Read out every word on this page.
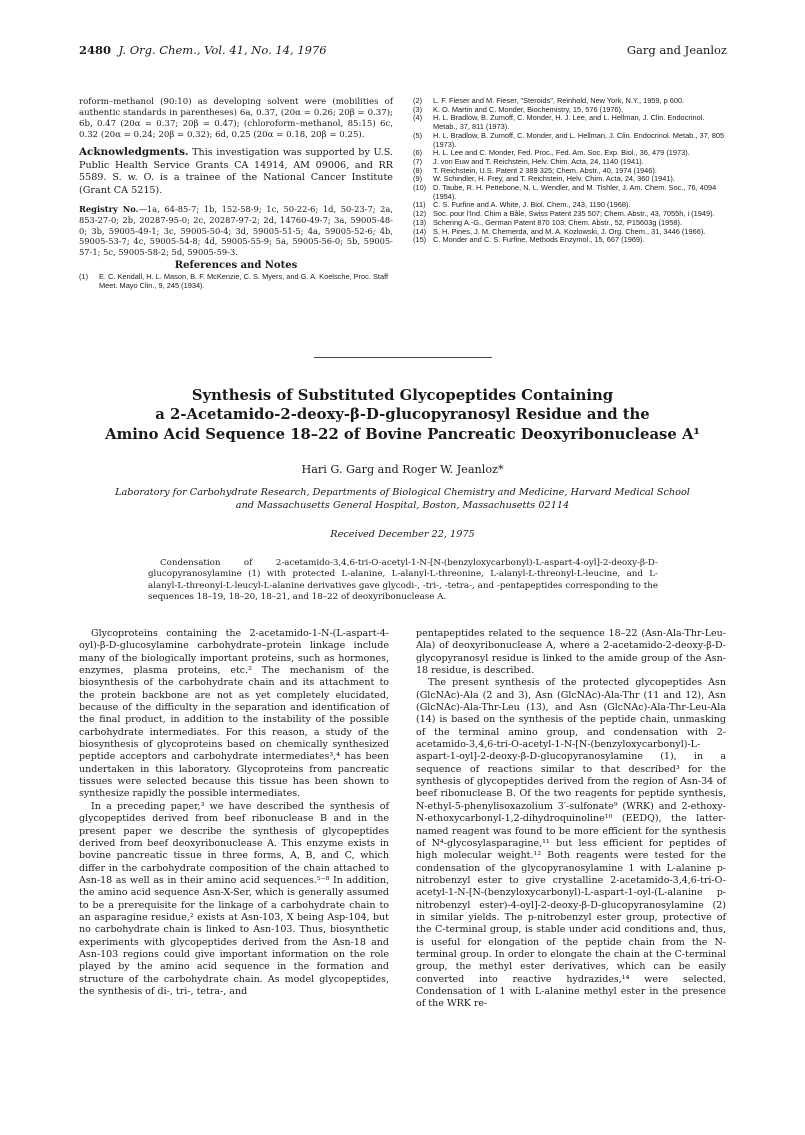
2480 J. Org. Chem., Vol. 41, No. 14, 1976	Garg and Jeanloz
roform–methanol (90:10) as developing solvent were (mobilities of authentic standards in parentheses) 6a, 0.37, (20α = 0.26; 20β = 0.37); 6b, 0.47 (20α = 0.37; 20β = 0.47); (chloroform–methanol, 85:15) 6c, 0.32 (20α = 0.24; 20β = 0.32); 6d, 0.25 (20α = 0.18, 20β = 0.25).
Acknowledgments. This investigation was supported by U.S. Public Health Service Grants CA 14914, AM 09006, and RR 5589. S. w. O. is a trainee of the National Cancer Institute (Grant CA 5215).
Registry No.—1a, 64-85-7; 1b, 152-58-9; 1c, 50-22-6; 1d, 50-23-7; 2a, 853-27-0; 2b, 20287-95-0; 2c, 20287-97-2; 2d, 14760-49-7; 3a, 59005-48-0; 3b, 59005-49-1; 3c, 59005-50-4; 3d, 59005-51-5; 4a, 59005-52-6; 4b, 59005-53-7; 4c, 59005-54-8; 4d, 59005-55-9; 5a, 59005-56-0; 5b, 59005-57-1; 5c, 59005-58-2; 5d, 59005-59-3.
References and Notes
(1)	E. C. Kendall, H. L. Mason, B. F. McKenzie, C. S. Myers, and G. A. Koelsche, Proc. Staff Meet. Mayo Clin., 9, 245 (1934).
(2)	L. F. Fieser and M. Fieser, "Steroids", Reinhold, New York, N.Y., 1959, p 600.
(3)	K. O. Martin and C. Monder, Biochemistry, 15, 576 (1976).
(4)	H. L. Bradlow, B. Zumoff, C. Monder, H. J. Lee, and L. Hellman, J. Clin. Endocrinol. Metab., 37, 811 (1973).
(5)	H. L. Bradlow, B. Zumoff, C. Monder, and L. Hellman, J. Clin. Endocrinol. Metab., 37, 805 (1973).
(6)	H. L. Lee and C. Monder, Fed. Proc., Fed. Am. Soc. Exp. Biol., 36, 479 (1973).
(7)	J. von Euw and T. Reichstein, Helv. Chim. Acta, 24, 1140 (1941).
(8)	T. Reichstein, U.S. Patent 2 389 325; Chem. Abstr., 40, 1974 (1946).
(9)	W. Schindler, H. Frey, and T. Reichstein, Helv. Chim. Acta, 24, 360 (1941).
(10) D. Taube, R. H. Pettebone, N. L. Wendler, and M. Tishler, J. Am. Chem. Soc., 76, 4094 (1954).
(11)	C. S. Furfine and A. White, J. Biol. Chem., 243, 1190 (1968).
(12) Soc. pour l'Ind. Chim a Bâle, Swiss Patent 235 507; Chem. Abstr., 43, 7055h, i (1949).
(13) Schering A.-G., German Patent 870 103; Chem. Abstr., 52, P15603g (1958).
(14) S. H. Pines, J. M. Chemerda, and M. A. Kozlowski, J. Org. Chem., 31, 3446 (1966).
(15) C. Monder and C. S. Furfine, Methods Enzymol., 15, 667 (1969).
Synthesis of Substituted Glycopeptides Containing
a 2-Acetamido-2-deoxy-β-D-glucopyranosyl Residue and the
Amino Acid Sequence 18–22 of Bovine Pancreatic Deoxyribonuclease A¹
Hari G. Garg and Roger W. Jeanloz*
Laboratory for Carbohydrate Research, Departments of Biological Chemistry and Medicine, Harvard Medical School
and Massachusetts General Hospital, Boston, Massachusetts 02114
Received December 22, 1975
Condensation of 2-acetamido-3,4,6-tri-O-acetyl-1-N-[N-(benzyloxycarbonyl)-L-aspart-4-oyl]-2-deoxy-β-D-glucopyranosylamine (1) with protected L-alanine, L-alanyl-L-threonine, L-alanyl-L-threonyl-L-leucine, and L-alanyl-L-threonyl-L-leucyl-L-alanine derivatives gave glycodi-, -tri-, -tetra-, and -pentapeptides corresponding to the sequences 18–19, 18–20, 18–21, and 18–22 of deoxyribonuclease A.

Glycoproteins containing the 2-acetamido-1-N-(L-aspart-4-oyl)-β-D-glucosylamine carbohydrate–protein linkage include many of the biologically important proteins, such as hormones, enzymes, plasma proteins, etc.² The mechanism of the biosynthesis of the carbohydrate chain and its attachment to the protein backbone are not as yet completely elucidated, because of the difficulty in the separation and identification of the final product, in addition to the instability of the possible carbohydrate intermediates. For this reason, a study of the biosynthesis of glycoproteins based on chemically synthesized peptide acceptors and carbohydrate intermediates³,⁴ has been undertaken in this laboratory. Glycoproteins from pancreatic tissues were selected because this tissue has been shown to synthesize rapidly the possible intermediates.

In a preceding paper,³ we have described the synthesis of glycopeptides derived from beef ribonuclease B and in the present paper we describe the synthesis of glycopeptides derived from beef deoxyribonuclease A. This enzyme exists in bovine pancreatic tissue in three forms, A, B, and C, which differ in the carbohydrate composition of the chain attached to Asn-18 as well as in their amino acid sequences.⁵⁻⁸ In addition, the amino acid sequence Asn-X-Ser, which is generally assumed to be a prerequisite for the linkage of a carbohydrate chain to an asparagine residue,² exists at Asn-103, X being Asp-104, but no carbohydrate chain is linked to Asn-103. Thus, biosynthetic experiments with glycopeptides derived from the Asn-18 and Asn-103 regions could give important information on the role played by the amino acid sequence in the formation and structure of the carbohydrate chain. As model glycopeptides, the synthesis of di-, tri-, tetra-, and

pentapeptides related to the sequence 18–22 (Asn-Ala-Thr-Leu-Ala) of deoxyribonuclease A, where a 2-acetamido-2-deoxy-β-D-glycopyranosyl residue is linked to the amide group of the Asn-18 residue, is described.

The present synthesis of the protected glycopeptides Asn (GlcNAc)-Ala (2 and 3), Asn (GlcNAc)-Ala-Thr (11 and 12), Asn (GlcNAc)-Ala-Thr-Leu (13), and Asn (GlcNAc)-Ala-Thr-Leu-Ala (14) is based on the synthesis of the peptide chain, unmasking of the terminal amino group, and condensation with 2-acetamido-3,4,6-tri-O-acetyl-1-N-[N-(benzyloxycarbonyl)-L-aspart-1-oyl]-2-deoxy-β-D-glucopyranosylamine (1), in a sequence of reactions similar to that described³ for the synthesis of glycopeptides derived from the region of Asn-34 of beef ribonuclease B. Of the two reagents for peptide synthesis, N-ethyl-5-phenylisoxazolium 3′-sulfonate⁹ (WRK) and 2-ethoxy-N-ethoxycarbonyl-1,2-dihydroquinoline¹⁰ (EEDQ), the latter-named reagent was found to be more efficient for the synthesis of N⁴-glycosylasparagine,¹¹ but less efficient for peptides of high molecular weight.¹² Both reagents were tested for the condensation of the glycopyranosylamine 1 with L-alanine p-nitrobenzyl ester to give crystalline 2-acetamido-3,4,6-tri-O-acetyl-1-N-[N-(benzyloxycarbonyl)-L-aspart-1-oyl-(L-alanine p-nitrobenzyl ester)-4-oyl]-2-deoxy-β-D-glucopyranosylamine (2) in similar yields. The p-nitrobenzyl ester group, protective of the C-terminal group, is stable under acid conditions and, thus, is useful for elongation of the peptide chain from the N-terminal group. In order to elongate the chain at the C-terminal group, the methyl ester derivatives, which can be easily converted into reactive hydrazides,¹⁴ were selected. Condensation of 1 with L-alanine methyl ester in the presence of the WRK re-
